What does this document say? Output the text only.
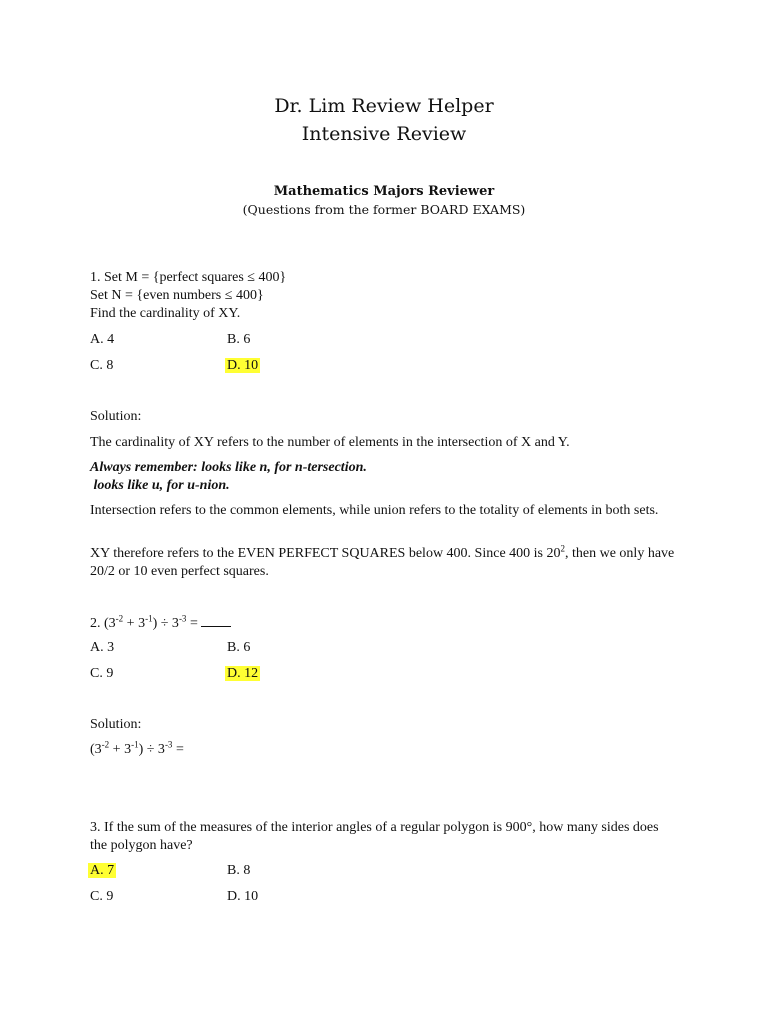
Dr. Lim Review Helper
Intensive Review
Mathematics Majors Reviewer
(Questions from the former BOARD EXAMS)
1. Set M = {perfect squares ≤ 400}
Set N = {even numbers ≤ 400}
Find the cardinality of XY.
A. 4	B. 6
C. 8	D. 10
Solution:
The cardinality of XY refers to the number of elements in the intersection of X and Y.
Always remember: looks like n, for n-tersection.
looks like u, for u-nion.
Intersection refers to the common elements, while union refers to the totality of elements in both sets.
XY therefore refers to the EVEN PERFECT SQUARES below 400. Since 400 is $20^2$, then we only have 20/2 or 10 even perfect squares.
2. $(3^{-2} + 3^{-1}) \div 3^{-3}$ =
A. 3	B. 6
C. 9	D. 12
Solution:
$(3^{-2} + 3^{-1}) \div 3^{-3}$ =
3. If the sum of the measures of the interior angles of a regular polygon is 900°, how many sides does the polygon have?
A. 7	B. 8
C. 9	D. 10
